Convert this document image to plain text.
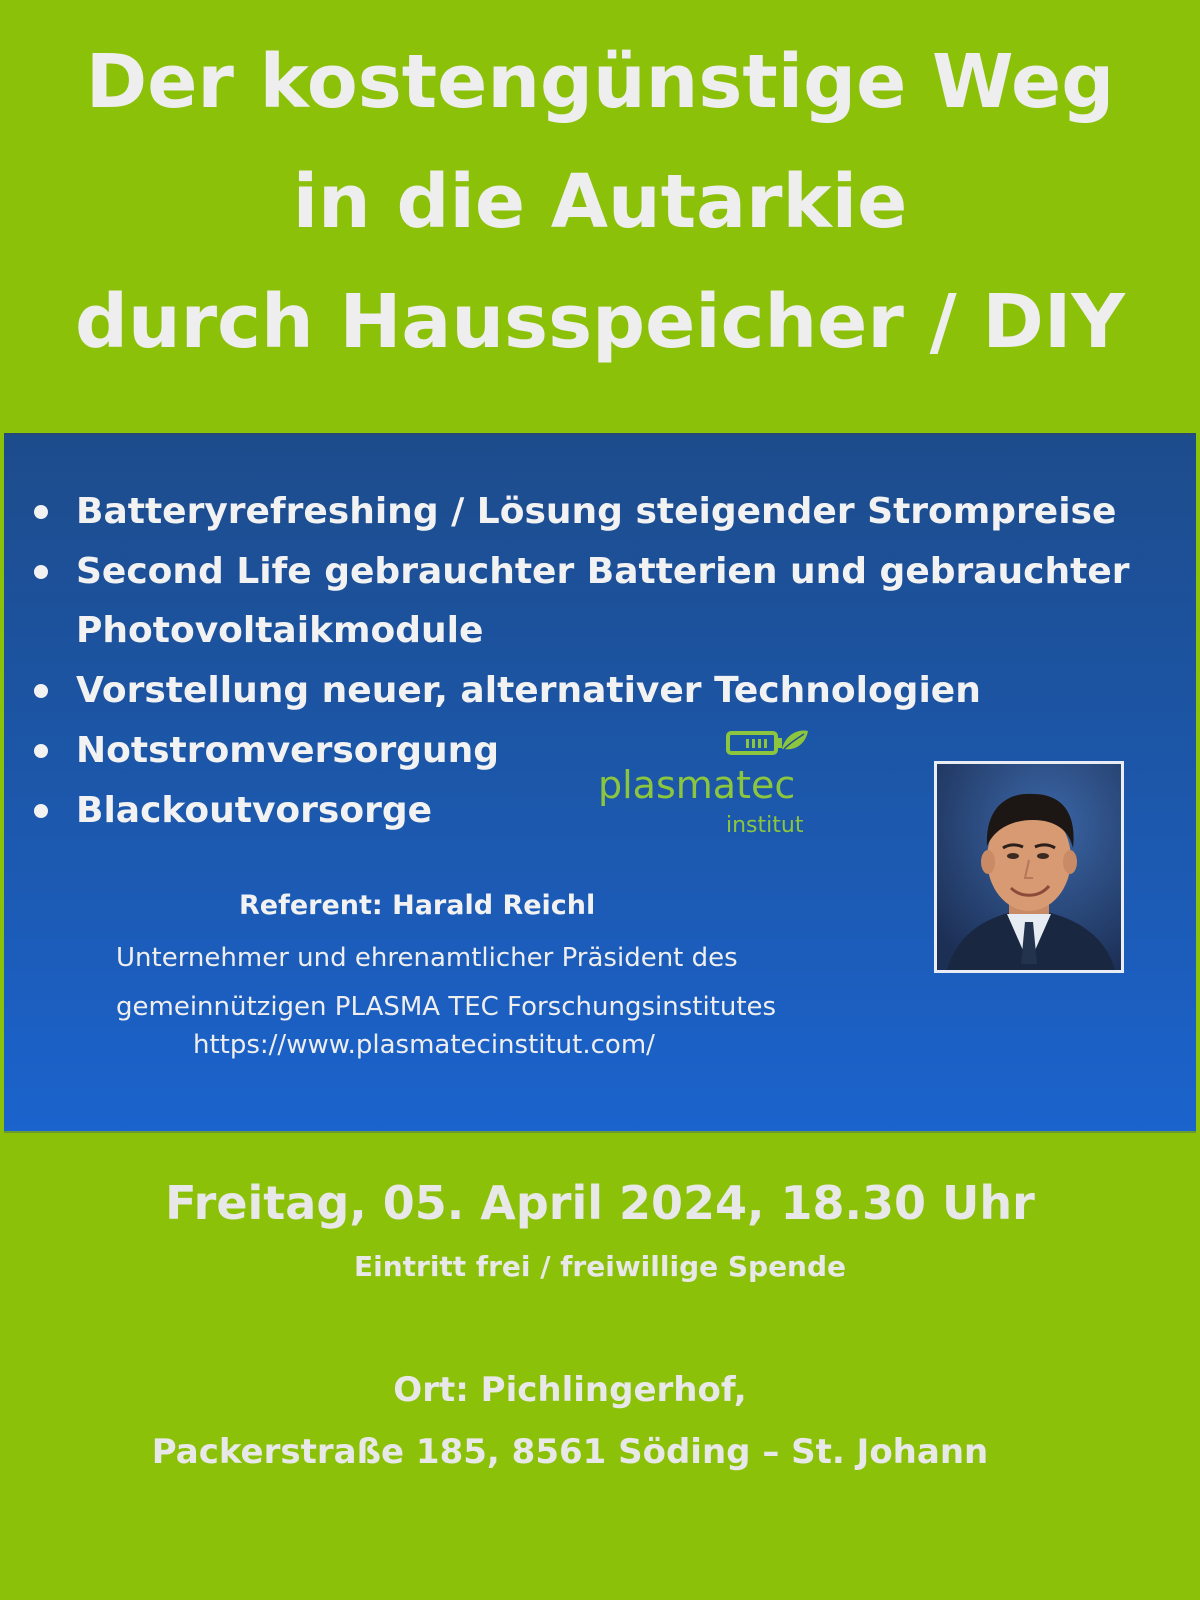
Der kostengünstige Weg
in die Autarkie
durch Hausspeicher / DIY
Batteryrefreshing / Lösung steigender Strompreise
Second Life gebrauchter Batterien und gebrauchter
Photovoltaikmodule
Vorstellung neuer, alternativer Technologien
Notstromversorgung
Blackoutvorsorge
plasmatec
institut
Referent: Harald Reichl
Unternehmer und ehrenamtlicher Präsident des
gemeinnützigen PLASMA TEC Forschungsinstitutes
https://www.plasmatecinstitut.com/
Freitag, 05. April 2024, 18.30 Uhr
Eintritt frei / freiwillige Spende
Ort: Pichlingerhof,
Packerstraße 185, 8561 Söding – St. Johann
